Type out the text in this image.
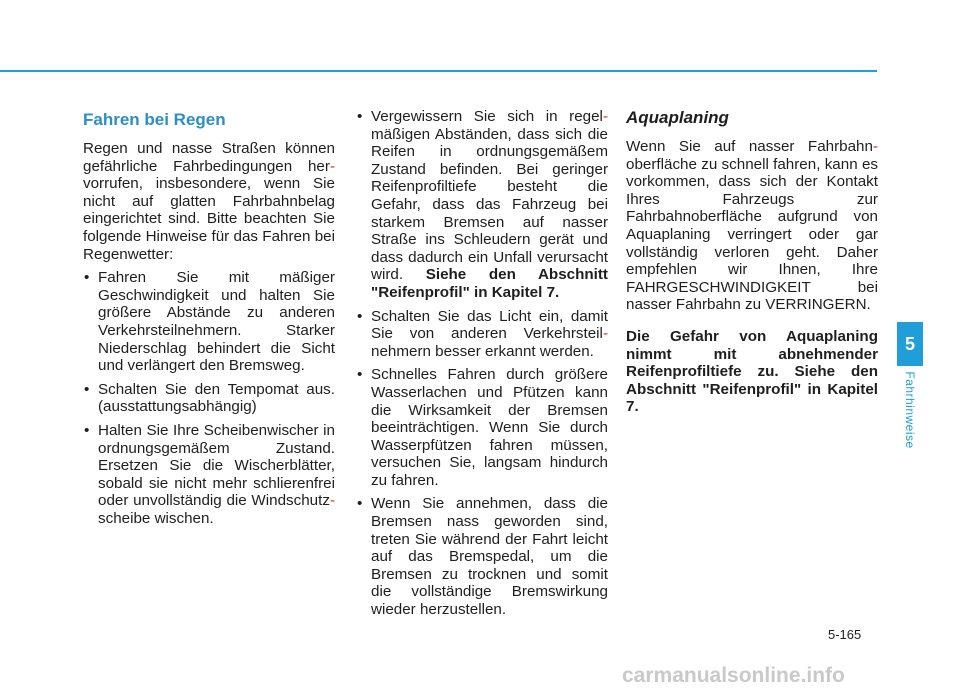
Fahren bei Regen

Regen und nasse Straßen können gefährliche Fahrbedingungen her- vorrufen, insbesondere, wenn Sie nicht auf glatten Fahrbahnbelag eingerichtet sind. Bitte beachten Sie folgende Hinweise für das Fahren bei Regenwetter:

• Fahren Sie mit mäßiger Geschwindigkeit und halten Sie größere Abstände zu anderen Verkehrsteilnehmern. Starker Niederschlag behindert die Sicht und verlängert den Bremsweg.
• Schalten Sie den Tempomat aus. (ausstattungsabhängig)
• Halten Sie Ihre Scheibenwischer in ordnungsgemäßem Zustand. Ersetzen Sie die Wischerblätter, sobald sie nicht mehr schlierenfrei oder unvollständig die Windschutz- scheibe wischen.
• Vergewissern Sie sich in regel- mäßigen Abständen, dass sich die Reifen in ordnungsgemäßem Zustand befinden. Bei geringer Reifenprofiltiefe besteht die Gefahr, dass das Fahrzeug bei starkem Bremsen auf nasser Straße ins Schleudern gerät und dass dadurch ein Unfall verursacht wird. Siehe den Abschnitt "Reifenprofil" in Kapitel 7.
• Schalten Sie das Licht ein, damit Sie von anderen Verkehrsteil- nehmern besser erkannt werden.
• Schnelles Fahren durch größere Wasserlachen und Pfützen kann die Wirksamkeit der Bremsen beeinträchtigen. Wenn Sie durch Wasserpfützen fahren müssen, versuchen Sie, langsam hindurch zu fahren.
• Wenn Sie annehmen, dass die Bremsen nass geworden sind, treten Sie während der Fahrt leicht auf das Bremspedal, um die Bremsen zu trocknen und somit die vollständige Bremswirkung wieder herzustellen.
Aquaplaning

Wenn Sie auf nasser Fahrbahn- oberfläche zu schnell fahren, kann es vorkommen, dass sich der Kontakt Ihres Fahrzeugs zur Fahrbahnoberfläche aufgrund von Aquaplaning verringert oder gar vollständig verloren geht. Daher empfehlen wir Ihnen, Ihre FAHRGESCHWINDIGKEIT bei nasser Fahrbahn zu VERRINGERN.

Die Gefahr von Aquaplaning nimmt mit abnehmender Reifenprofiltiefe zu. Siehe den Abschnitt "Reifenprofil" in Kapitel 7.

5
Fahrhinweise
5-165
carmanualsonline.info
